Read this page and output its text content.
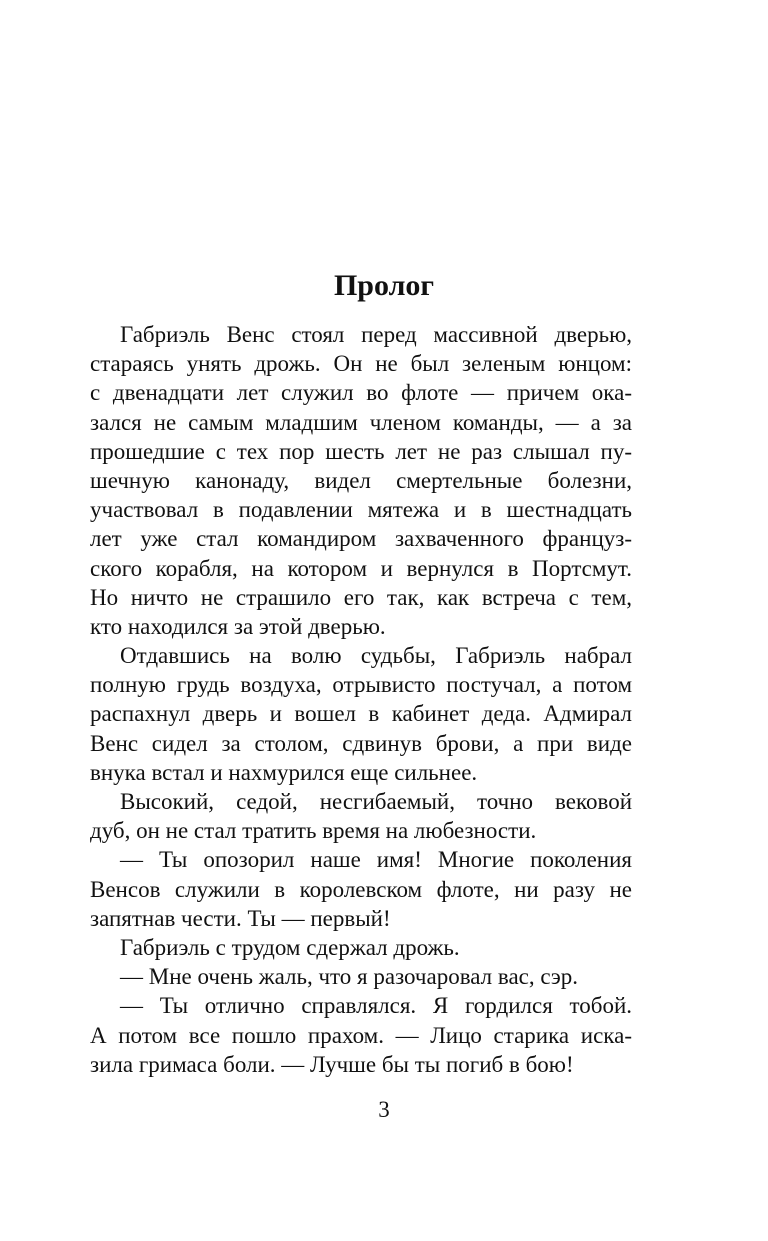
Пролог

Габриэль Венс стоял перед массивной дверью,
стараясь унять дрожь. Он не был зеленым юнцом:
с двенадцати лет служил во флоте — причем ока-
зался не самым младшим членом команды, — а за
прошедшие с тех пор шесть лет не раз слышал пу-
шечную канонаду, видел смертельные болезни,
участвовал в подавлении мятежа и в шестнадцать
лет уже стал командиром захваченного француз-
ского корабля, на котором и вернулся в Портсмут.
Но ничто не страшило его так, как встреча с тем,
кто находился за этой дверью.

Отдавшись на волю судьбы, Габриэль набрал
полную грудь воздуха, отрывисто постучал, а потом
распахнул дверь и вошел в кабинет деда. Адмирал
Венс сидел за столом, сдвинув брови, а при виде
внука встал и нахмурился еще сильнее.

Высокий, седой, несгибаемый, точно вековой
дуб, он не стал тратить время на любезности.

— Ты опозорил наше имя! Многие поколения
Венсов служили в королевском флоте, ни разу не
запятнав чести. Ты — первый!

Габриэль с трудом сдержал дрожь.

— Мне очень жаль, что я разочаровал вас, сэр.

— Ты отлично справлялся. Я гордился тобой.
А потом все пошло прахом. — Лицо старика иска-
зила гримаса боли. — Лучше бы ты погиб в бою!

3
